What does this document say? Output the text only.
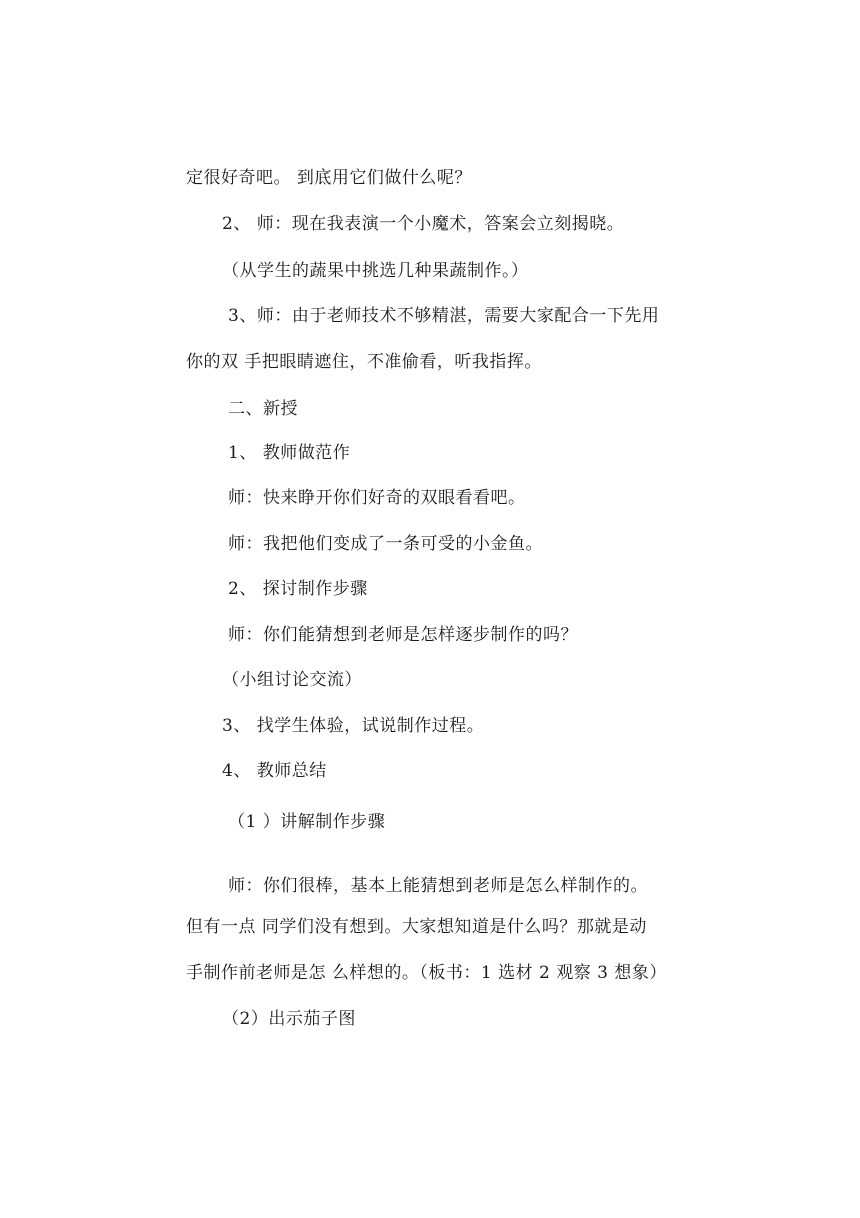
定很好奇吧。 到底用它们做什么呢？
2、 师：现在我表演一个小魔术，答案会立刻揭晓。
（从学生的蔬果中挑选几种果蔬制作。）
3、师：由于老师技术不够精湛，需要大家配合一下先用
你的双 手把眼睛遮住，不准偷看，听我指挥。
二、新授
1、 教师做范作
师：快来睁开你们好奇的双眼看看吧。
师：我把他们变成了一条可受的小金鱼。
2、 探讨制作步骤
师：你们能猜想到老师是怎样逐步制作的吗？
（小组讨论交流）
3、 找学生体验，试说制作过程。
4、 教师总结
（1 ）讲解制作步骤
师：你们很棒，基本上能猜想到老师是怎么样制作的。
但有一点 同学们没有想到。大家想知道是什么吗？那就是动
手制作前老师是怎 么样想的。（板书：1 选材 2 观察 3 想象）
（2）出示茄子图
